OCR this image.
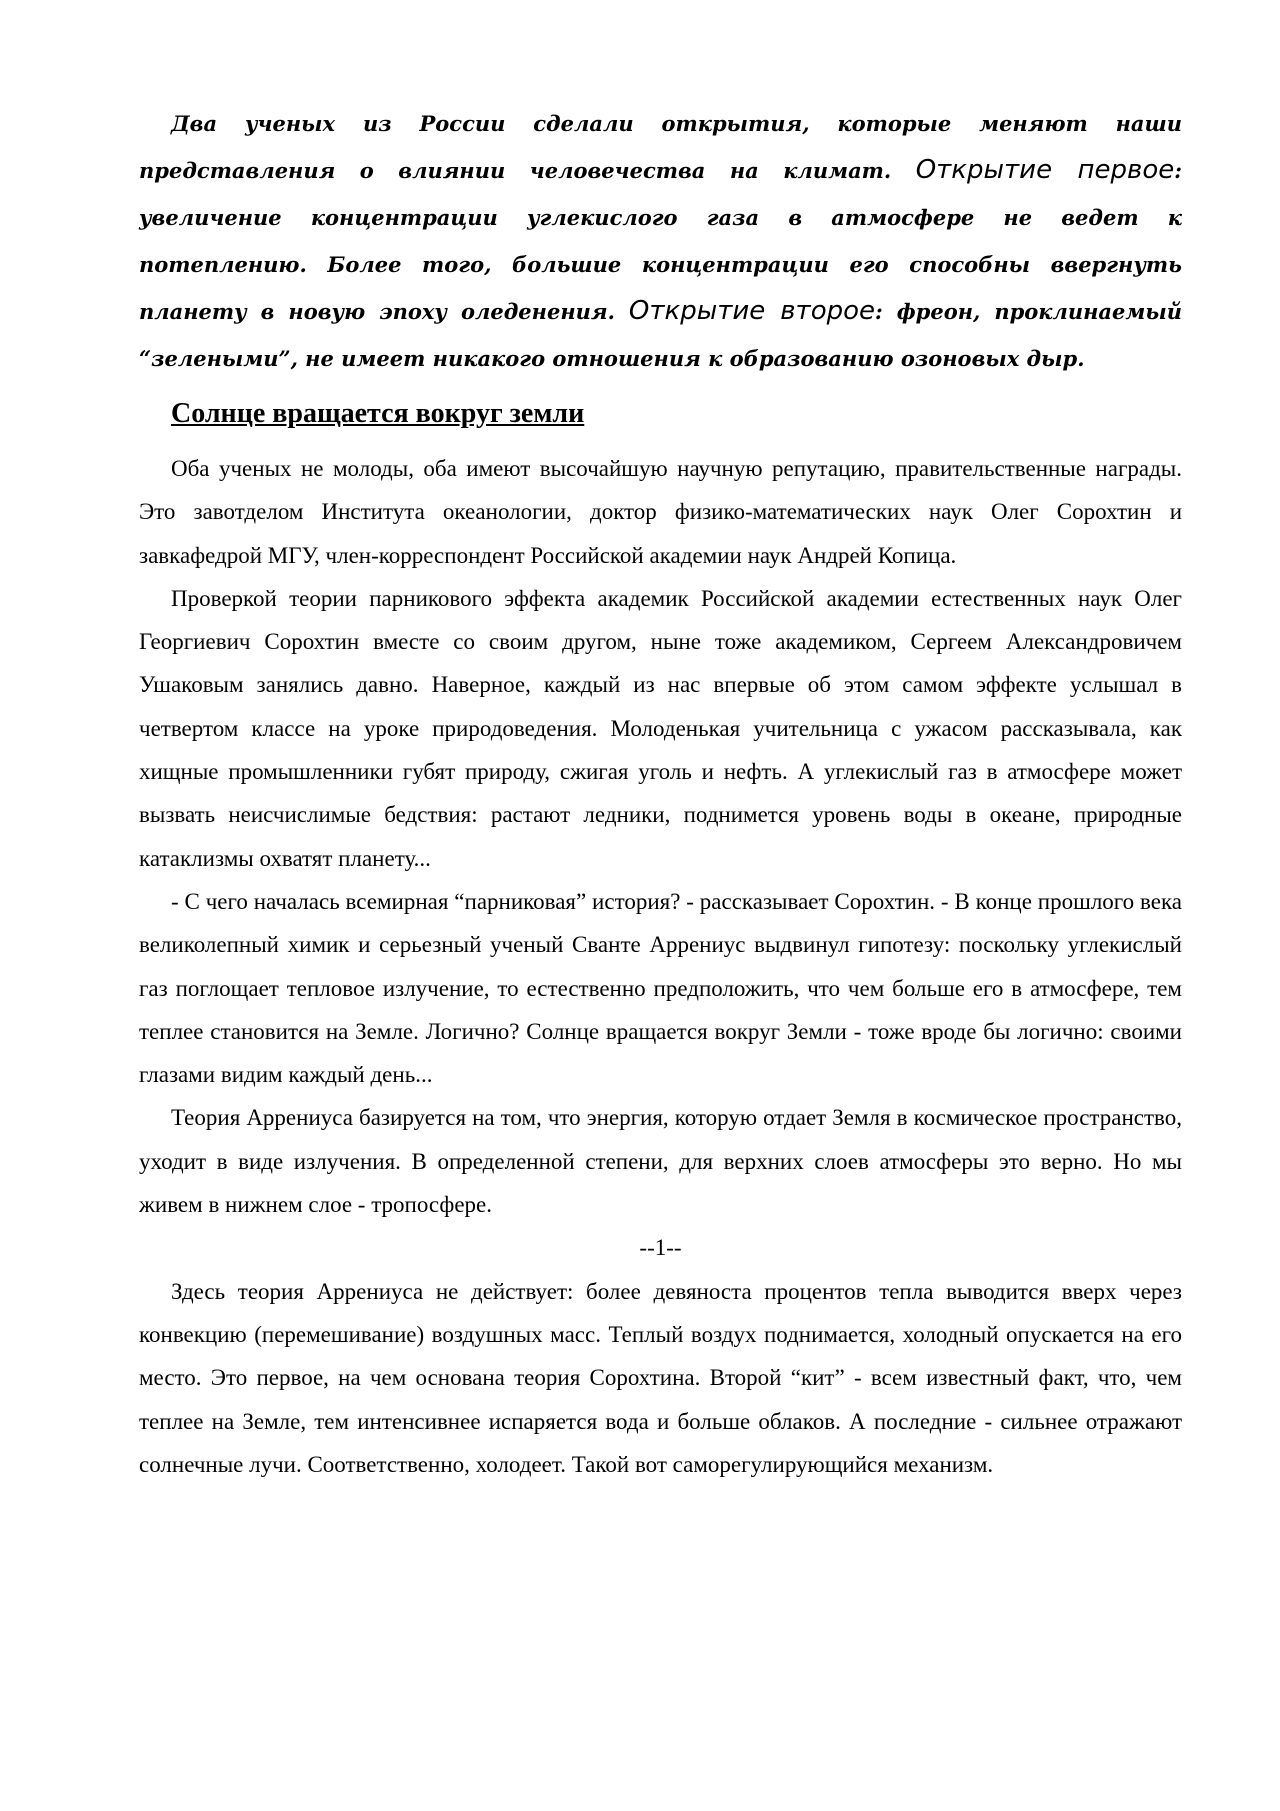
Два ученых из России сделали открытия, которые меняют наши представления о влиянии человечества на климат. Открытие первое: увеличение концентрации углекислого газа в атмосфере не ведет к потеплению. Более того, большие концентрации его способны ввергнуть планету в новую эпоху оледенения. Открытие второе: фреон, проклинаемый “зелеными”, не имеет никакого отношения к образованию озоновых дыр.

Солнце вращается вокруг земли

Оба ученых не молоды, оба имеют высочайшую научную репутацию, правительственные награды. Это завотделом Института океанологии, доктор физико-математических наук Олег Сорохтин и завкафедрой МГУ, член-корреспондент Российской академии наук Андрей Копица.

Проверкой теории парникового эффекта академик Российской академии естественных наук Олег Георгиевич Сорохтин вместе со своим другом, ныне тоже академиком, Сергеем Александровичем Ушаковым занялись давно. Наверное, каждый из нас впервые об этом самом эффекте услышал в четвертом классе на уроке природоведения. Молоденькая учительница с ужасом рассказывала, как хищные промышленники губят природу, сжигая уголь и нефть. А углекислый газ в атмосфере может вызвать неисчислимые бедствия: растают ледники, поднимется уровень воды в океане, природные катаклизмы охватят планету...

- С чего началась всемирная “парниковая” история? - рассказывает Сорохтин. - В конце прошлого века великолепный химик и серьезный ученый Сванте Аррениус выдвинул гипотезу: поскольку углекислый газ поглощает тепловое излучение, то естественно предположить, что чем больше его в атмосфере, тем теплее становится на Земле. Логично? Солнце вращается вокруг Земли - тоже вроде бы логично: своими глазами видим каждый день...

Теория Аррениуса базируется на том, что энергия, которую отдает Земля в космическое пространство, уходит в виде излучения. В определенной степени, для верхних слоев атмосферы это верно. Но мы живем в нижнем слое - тропосфере.

--1--

Здесь теория Аррениуса не действует: более девяноста процентов тепла выводится вверх через конвекцию (перемешивание) воздушных масс. Теплый воздух поднимается, холодный опускается на его место. Это первое, на чем основана теория Сорохтина. Второй “кит” - всем известный факт, что, чем теплее на Земле, тем интенсивнее испаряется вода и больше облаков. А последние - сильнее отражают солнечные лучи. Соответственно, холодеет. Такой вот саморегулирующийся механизм.
